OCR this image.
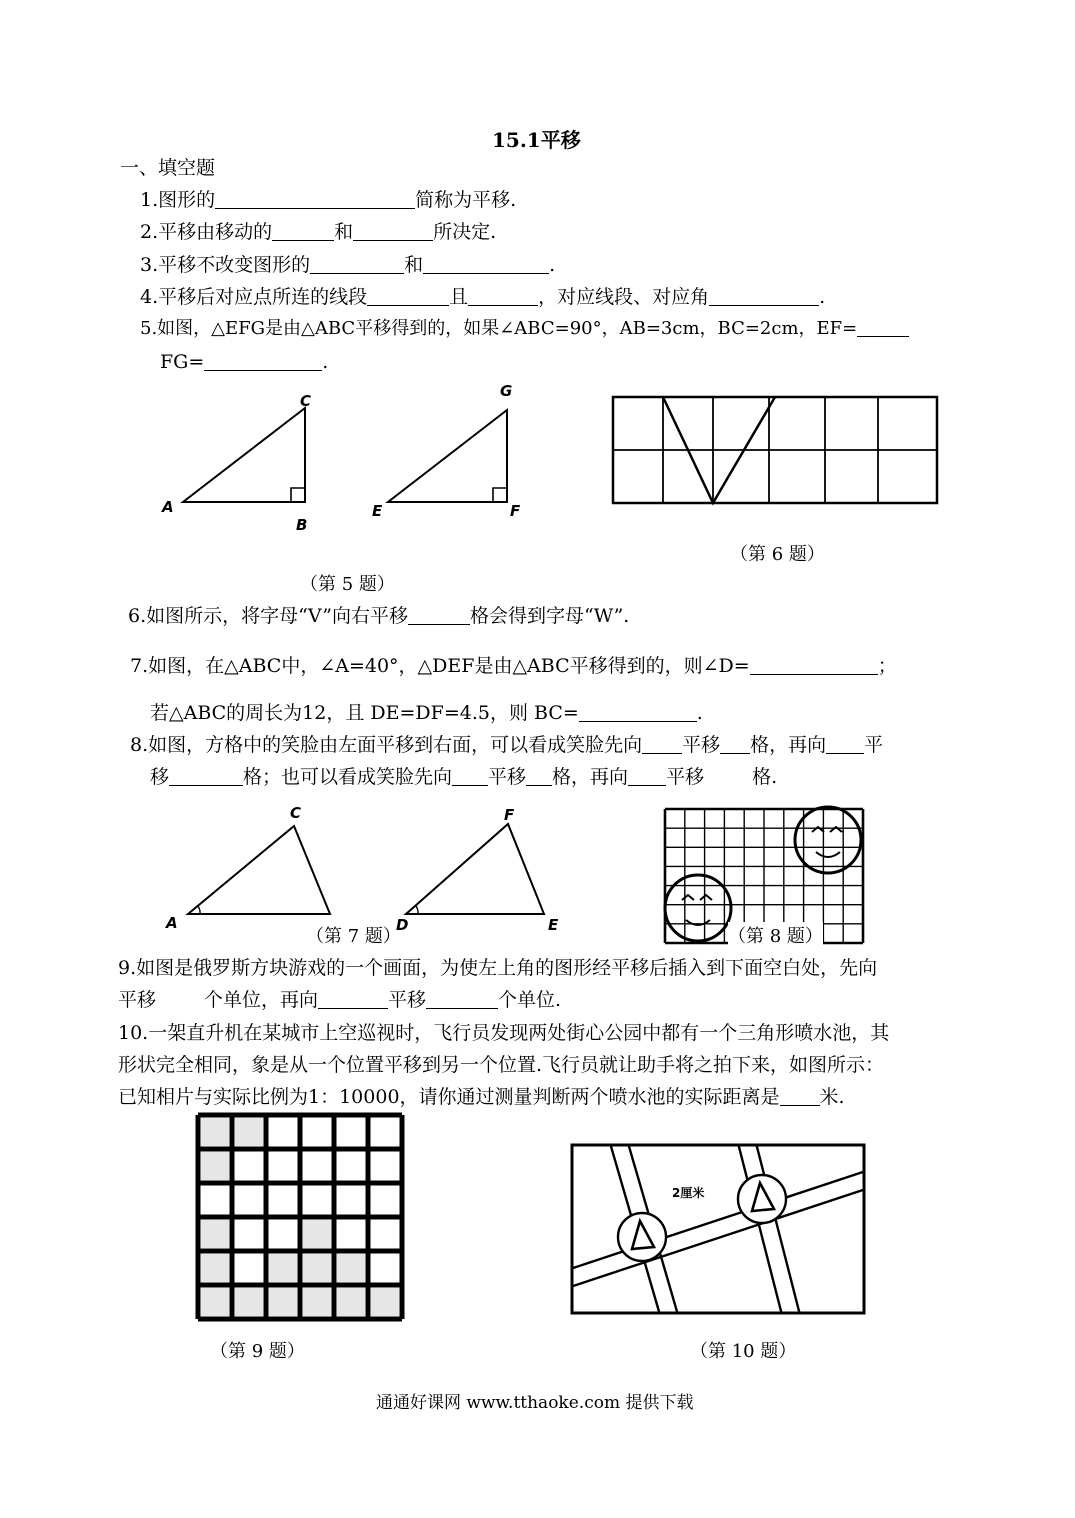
15.1平移
一、填空题
1.图形的	简称为平移.
2.平移由移动的	和	所决定.
3.平移不改变图形的	和	.
4.平移后对应点所连的线段	且	，对应线段、对应角	.
5.如图，△EFG是由△ABC平移得到的，如果∠ABC=90°，AB=3cm，BC=2cm，EF=
FG=	.
A
B
C
E	F
G
（第 5 题）
（第 6 题）
6.如图所示，将字母“V”向右平移	格会得到字母“W”.
7.如图，在△ABC中，∠A=40°，△DEF是由△ABC平移得到的，则∠D=	；
若△ABC的周长为12，且 DE=DF=4.5，则 BC=	.
8.如图，方格中的笑脸由左面平移到右面，可以看成笑脸先向 平移 格，再向 平
移	格；也可以看成笑脸先向 平移 格，再向 平移	格.
A
C
D	E
F
（第 7 题）	（第 8 题）
9.如图是俄罗斯方块游戏的一个画面，为使左上角的图形经平移后插入到下面空白处，先向
平移	个单位，再向	平移	个单位.
10.一架直升机在某城市上空巡视时，飞行员发现两处街心公园中都有一个三角形喷水池，其
形状完全相同，象是从一个位置平移到另一个位置.飞行员就让助手将之拍下来，如图所示：
已知相片与实际比例为1：10000，请你通过测量判断两个喷水池的实际距离是 米.
（第 9 题）
2厘米
（第 10 题）
通通好课网 www.tthaoke.com 提供下载
